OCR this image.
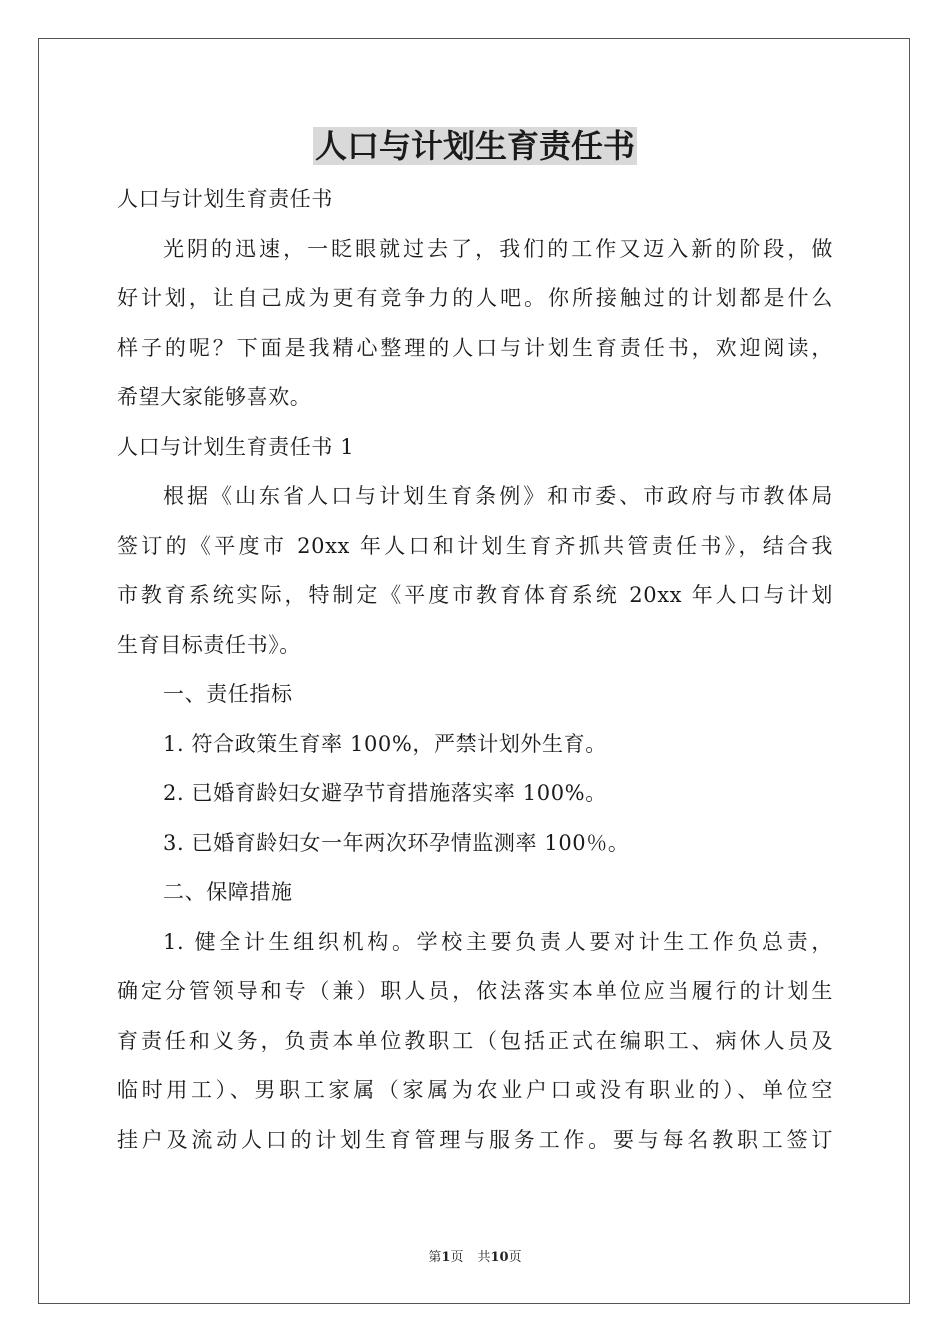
人口与计划生育责任书
人口与计划生育责任书
光阴的迅速，一眨眼就过去了，我们的工作又迈入新的阶段，做
好计划，让自己成为更有竞争力的人吧。你所接触过的计划都是什么
样子的呢？下面是我精心整理的人口与计划生育责任书，欢迎阅读，
希望大家能够喜欢。
人口与计划生育责任书 1
根据《山东省人口与计划生育条例》和市委、市政府与市教体局
签订的《平度市 20xx 年人口和计划生育齐抓共管责任书》，结合我
市教育系统实际，特制定《平度市教育体育系统 20xx 年人口与计划
生育目标责任书》。
一、责任指标
1. 符合政策生育率 100%，严禁计划外生育。
2. 已婚育龄妇女避孕节育措施落实率 100%。
3. 已婚育龄妇女一年两次环孕情监测率 100％。
二、保障措施
1. 健全计生组织机构。学校主要负责人要对计生工作负总责，
确定分管领导和专（兼）职人员，依法落实本单位应当履行的计划生
育责任和义务，负责本单位教职工（包括正式在编职工、病休人员及
临时用工）、男职工家属（家属为农业户口或没有职业的）、单位空
挂户及流动人口的计划生育管理与服务工作。要与每名教职工签订
第1页 共10页
